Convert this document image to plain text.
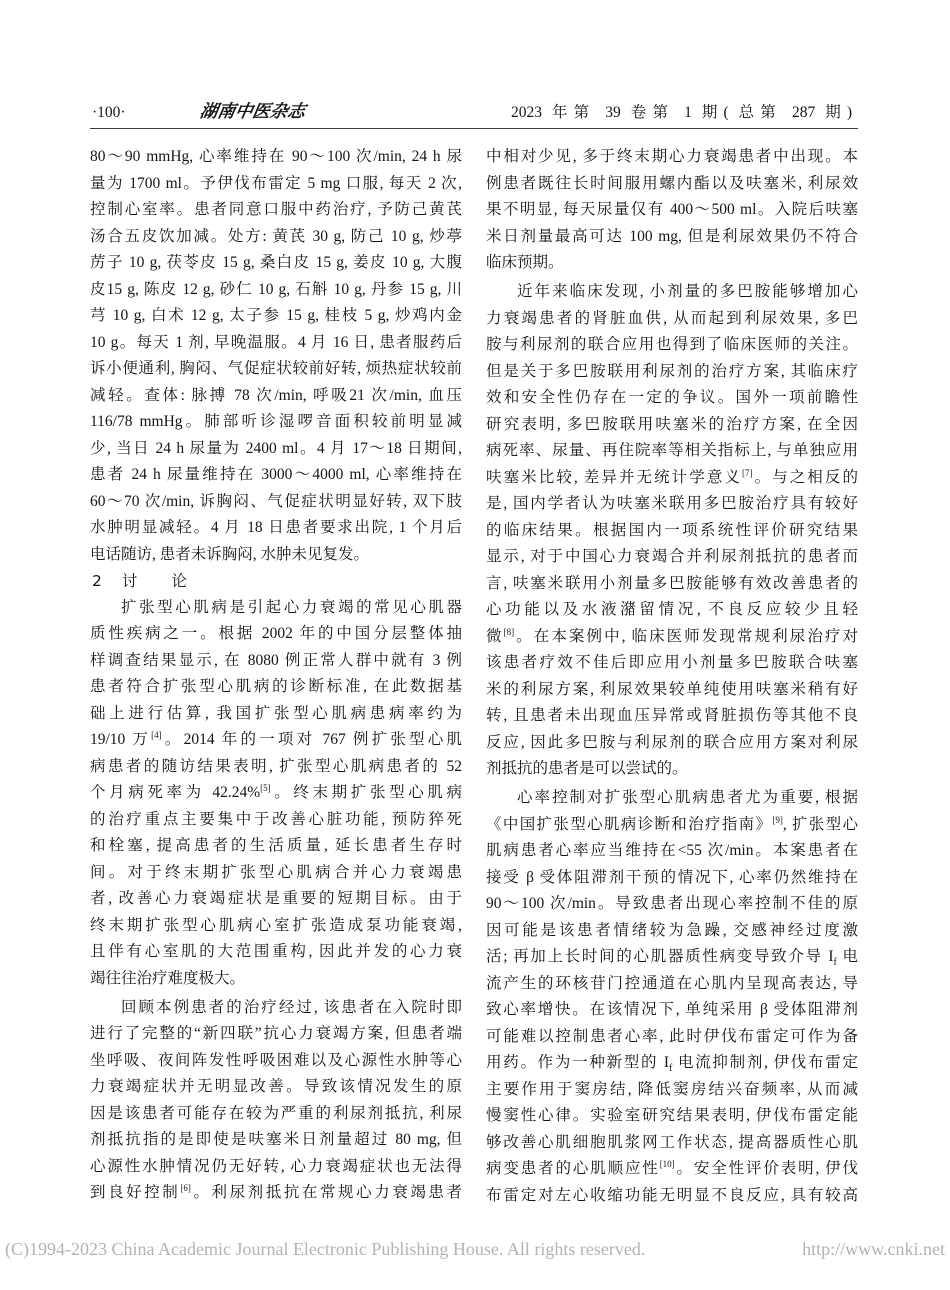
·100·	湖南中医杂志	2023 年第 39 卷第 1 期( 总第 287 期)
80～90 mmHg, 心率维持在 90～100 次/min, 24 h 尿
量为 1700 ml。予伊伐布雷定 5 mg 口服, 每天 2 次,
控制心室率。患者同意口服中药治疗, 予防己黄芪
汤合五皮饮加减。处方: 黄芪 30 g, 防己 10 g, 炒葶
苈子 10 g, 茯苓皮 15 g, 桑白皮 15 g, 姜皮 10 g, 大腹
皮15 g, 陈皮 12 g, 砂仁 10 g, 石斛 10 g, 丹参 15 g, 川
芎 10 g, 白术 12 g, 太子参 15 g, 桂枝 5 g, 炒鸡内金
10 g。每天 1 剂, 早晚温服。4 月 16 日, 患者服药后
诉小便通利, 胸闷、气促症状较前好转, 烦热症状较前
减轻。查体: 脉搏 78 次/min, 呼吸21 次/min, 血压
116/78 mmHg。肺部听诊湿啰音面积较前明显减
少, 当日 24 h 尿量为 2400 ml。4 月 17～18 日期间,
患者 24 h 尿量维持在 3000～4000 ml, 心率维持在
60～70 次/min, 诉胸闷、气促症状明显好转, 双下肢
水肿明显减轻。4 月 18 日患者要求出院, 1 个月后
电话随访, 患者未诉胸闷, 水肿未见复发。
2 讨论
扩张型心肌病是引起心力衰竭的常见心肌器
质性疾病之一。根据 2002 年的中国分层整体抽
样调查结果显示, 在 8080 例正常人群中就有 3 例
患者符合扩张型心肌病的诊断标准, 在此数据基
础上进行估算, 我国扩张型心肌病患病率约为
19/10 万[4]。2014 年的一项对 767 例扩张型心肌
病患者的随访结果表明, 扩张型心肌病患者的 52
个月病死率为 42.24%[5]。终末期扩张型心肌病
的治疗重点主要集中于改善心脏功能, 预防猝死
和栓塞, 提高患者的生活质量, 延长患者生存时
间。对于终末期扩张型心肌病合并心力衰竭患
者, 改善心力衰竭症状是重要的短期目标。由于
终末期扩张型心肌病心室扩张造成泵功能衰竭,
且伴有心室肌的大范围重构, 因此并发的心力衰
竭往往治疗难度极大。
回顾本例患者的治疗经过, 该患者在入院时即
进行了完整的“新四联”抗心力衰竭方案, 但患者端
坐呼吸、夜间阵发性呼吸困难以及心源性水肿等心
力衰竭症状并无明显改善。导致该情况发生的原
因是该患者可能存在较为严重的利尿剂抵抗, 利尿
剂抵抗指的是即使是呋塞米日剂量超过 80 mg, 但
心源性水肿情况仍无好转, 心力衰竭症状也无法得
到良好控制[6]。利尿剂抵抗在常规心力衰竭患者
中相对少见, 多于终末期心力衰竭患者中出现。本
例患者既往长时间服用螺内酯以及呋塞米, 利尿效
果不明显, 每天尿量仅有 400～500 ml。入院后呋塞
米日剂量最高可达 100 mg, 但是利尿效果仍不符合
临床预期。
近年来临床发现, 小剂量的多巴胺能够增加心
力衰竭患者的肾脏血供, 从而起到利尿效果, 多巴
胺与利尿剂的联合应用也得到了临床医师的关注。
但是关于多巴胺联用利尿剂的治疗方案, 其临床疗
效和安全性仍存在一定的争议。国外一项前瞻性
研究表明, 多巴胺联用呋塞米的治疗方案, 在全因
病死率、尿量、再住院率等相关指标上, 与单独应用
呋塞米比较, 差异并无统计学意义[7]。与之相反的
是, 国内学者认为呋塞米联用多巴胺治疗具有较好
的临床结果。根据国内一项系统性评价研究结果
显示, 对于中国心力衰竭合并利尿剂抵抗的患者而
言, 呋塞米联用小剂量多巴胺能够有效改善患者的
心功能以及水液潴留情况, 不良反应较少且轻
微[8]。在本案例中, 临床医师发现常规利尿治疗对
该患者疗效不佳后即应用小剂量多巴胺联合呋塞
米的利尿方案, 利尿效果较单纯使用呋塞米稍有好
转, 且患者未出现血压异常或肾脏损伤等其他不良
反应, 因此多巴胺与利尿剂的联合应用方案对利尿
剂抵抗的患者是可以尝试的。
心率控制对扩张型心肌病患者尤为重要, 根据
《中国扩张型心肌病诊断和治疗指南》[9], 扩张型心
肌病患者心率应当维持在<55 次/min。本案患者在
接受 β 受体阻滞剂干预的情况下, 心率仍然维持在
90～100 次/min。导致患者出现心率控制不佳的原
因可能是该患者情绪较为急躁, 交感神经过度激
活; 再加上长时间的心肌器质性病变导致介导 $I_f$ 电
流产生的环核苷门控通道在心肌内呈现高表达, 导
致心率增快。在该情况下, 单纯采用 β 受体阻滞剂
可能难以控制患者心率, 此时伊伐布雷定可作为备
用药。作为一种新型的 $I_f$ 电流抑制剂, 伊伐布雷定
主要作用于窦房结, 降低窦房结兴奋频率, 从而减
慢窦性心律。实验室研究结果表明, 伊伐布雷定能
够改善心肌细胞肌浆网工作状态, 提高器质性心肌
病变患者的心肌顺应性[10]。安全性评价表明, 伊伐
布雷定对左心收缩功能无明显不良反应, 具有较高
(C)1994-2023 China Academic Journal Electronic Publishing House. All rights reserved.	http://www.cnki.net
